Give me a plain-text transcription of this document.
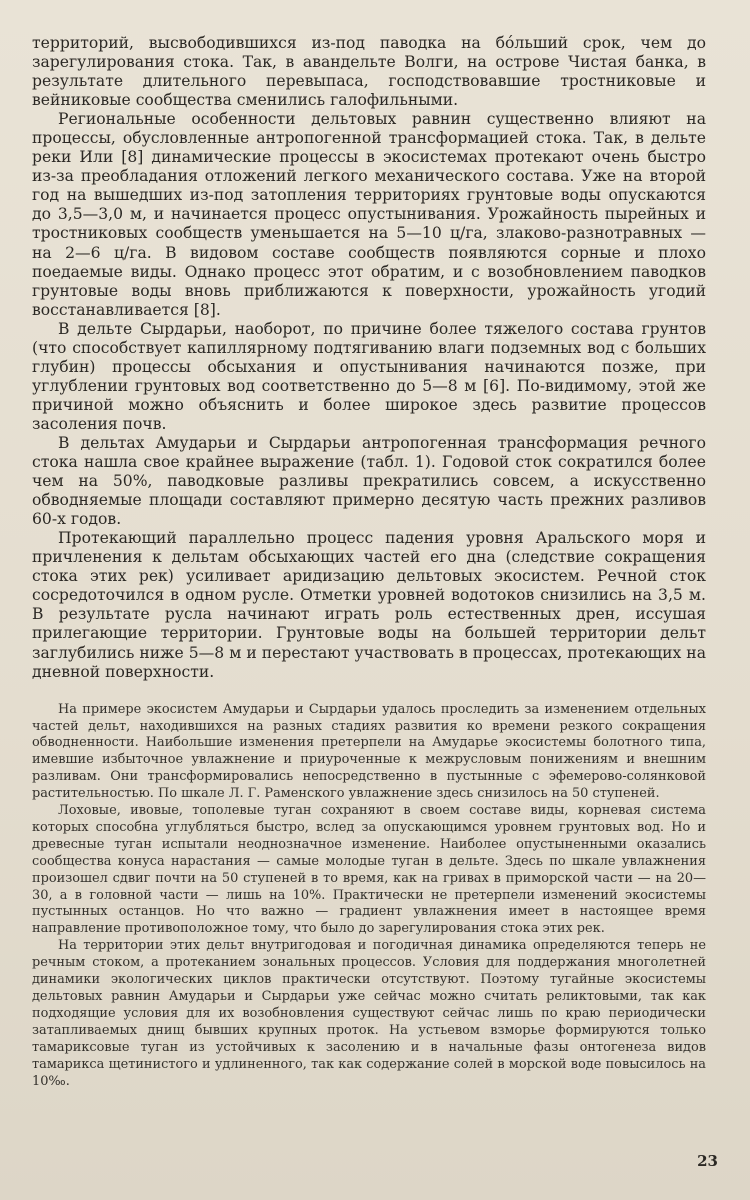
территорий, высвободившихся из-под паводка на бо́льший срок, чем до зарегулирования стока. Так, в авандельте Волги, на острове Чистая банка, в результате длительного перевыпаса, господствовавшие тростниковые и вейниковые сообщества сменились галофильными.

Региональные особенности дельтовых равнин существенно влияют на процессы, обусловленные антропогенной трансформацией стока. Так, в дельте реки Или [8] динамические процессы в экосистемах протекают очень быстро из-за преобладания отложений легкого механического состава. Уже на второй год на вышедших из-под затопления территориях грунтовые воды опускаются до 3,5—3,0 м, и начинается процесс опустынивания. Урожайность пырейных и тростниковых сообществ уменьшается на 5—10 ц/га, злаково-разнотравных — на 2—6 ц/га. В видовом составе сообществ появляются сорные и плохо поедаемые виды. Однако процесс этот обратим, и с возобновлением паводков грунтовые воды вновь приближаются к поверхности, урожайность угодий восстанавливается [8].

В дельте Сырдарьи, наоборот, по причине более тяжелого состава грунтов (что способствует капиллярному подтягиванию влаги подземных вод с больших глубин) процессы обсыхания и опустынивания начинаются позже, при углублении грунтовых вод соответственно до 5—8 м [6]. По-видимому, этой же причиной можно объяснить и более широкое здесь развитие процессов засоления почв.

В дельтах Амударьи и Сырдарьи антропогенная трансформация речного стока нашла свое крайнее выражение (табл. 1). Годовой сток сократился более чем на 50%, паводковые разливы прекратились совсем, а искусственно обводняемые площади составляют примерно десятую часть прежних разливов 60-х годов.

Протекающий параллельно процесс падения уровня Аральского моря и причленения к дельтам обсыхающих частей его дна (следствие сокращения стока этих рек) усиливает аридизацию дельтовых экосистем. Речной сток сосредоточился в одном русле. Отметки уровней водотоков снизились на 3,5 м. В результате русла начинают играть роль естественных дрен, иссушая прилегающие территории. Грунтовые воды на большей территории дельт заглубились ниже 5—8 м и перестают участвовать в процессах, протекающих на дневной поверхности.

На примере экосистем Амударьи и Сырдарьи удалось проследить за изменением отдельных частей дельт, находившихся на разных стадиях развития ко времени резкого сокращения обводненности. Наибольшие изменения претерпели на Амударье экосистемы болотного типа, имевшие избыточное увлажнение и приуроченные к межрусловым понижениям и внешним разливам. Они трансформировались непосредственно в пустынные с эфемерово-солянковой растительностью. По шкале Л. Г. Раменского увлажнение здесь снизилось на 50 ступеней.

Лоховые, ивовые, тополевые туган сохраняют в своем составе виды, корневая система которых способна углубляться быстро, вслед за опускающимся уровнем грунтовых вод. Но и древесные туган испытали неоднозначное изменение. Наиболее опустыненными оказались сообщества конуса нарастания — самые молодые туган в дельте. Здесь по шкале увлажнения произошел сдвиг почти на 50 ступеней в то время, как на гривах в приморской части — на 20—30, а в головной части — лишь на 10%. Практически не претерпели изменений экосистемы пустынных останцов. Но что важно — градиент увлажнения имеет в настоящее время направление противоположное тому, что было до зарегулирования стока этих рек.

На территории этих дельт внутригодовая и погодичная динамика определяются теперь не речным стоком, а протеканием зональных процессов. Условия для поддержания многолетней динамики экологических циклов практически отсутствуют. Поэтому тугайные экосистемы дельтовых равнин Амударьи и Сырдарьи уже сейчас можно считать реликтовыми, так как подходящие условия для их возобновления существуют сейчас лишь по краю периодически затапливаемых днищ бывших крупных проток. На устьевом взморье формируются только тамариксовые туган из устойчивых к засолению и в начальные фазы онтогенеза видов тамарикса щетинистого и удлиненного, так как содержание солей в морской воде повысилось на 10‰.

23
